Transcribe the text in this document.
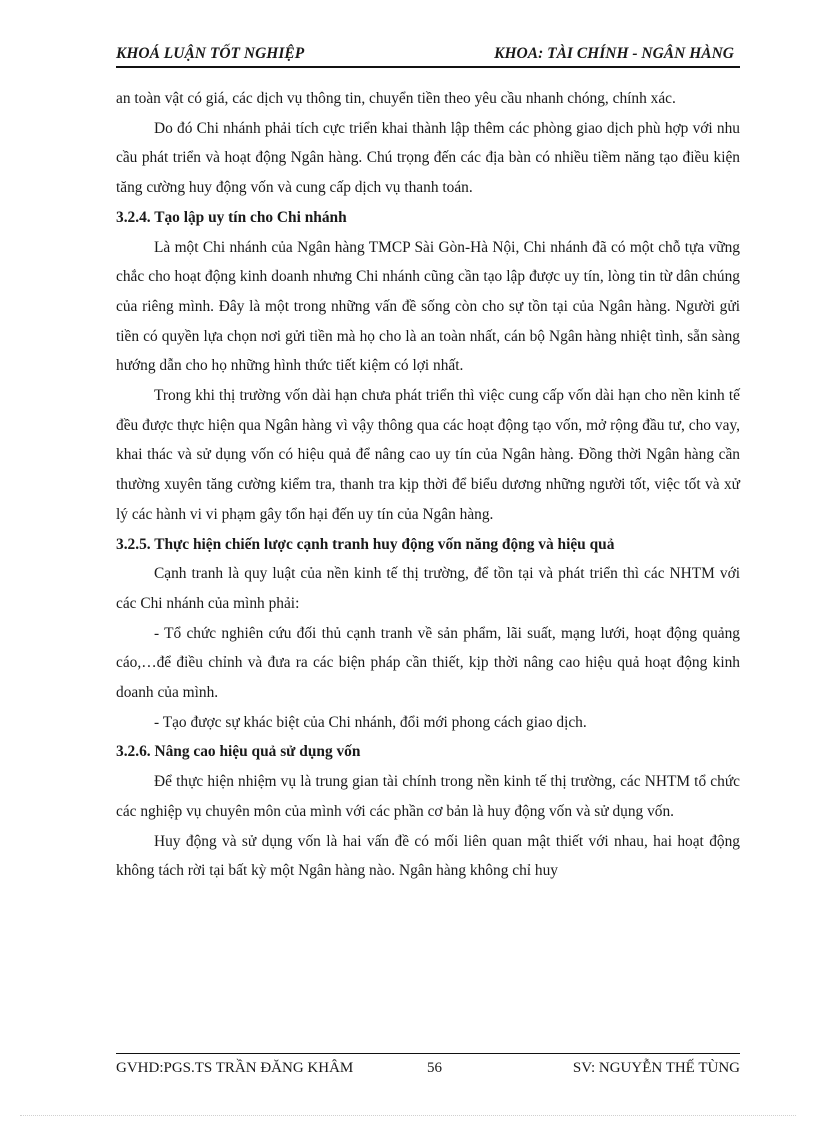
KHOÁ LUẬN TỐT NGHIỆP	KHOA: TÀI CHÍNH - NGÂN HÀNG

an toàn vật có giá, các dịch vụ thông tin, chuyển tiền theo yêu cầu nhanh chóng, chính xác.

Do đó Chi nhánh phải tích cực triển khai thành lập thêm các phòng giao dịch phù hợp với nhu cầu phát triển và hoạt động Ngân hàng. Chú trọng đến các địa bàn có nhiều tiềm năng tạo điều kiện tăng cường huy động vốn và cung cấp dịch vụ thanh toán.

3.2.4. Tạo lập uy tín cho Chi nhánh

Là một Chi nhánh của Ngân hàng TMCP Sài Gòn-Hà Nội, Chi nhánh đã có một chỗ tựa vững chắc cho hoạt động kinh doanh nhưng Chi nhánh cũng cần tạo lập được uy tín, lòng tin từ dân chúng của riêng mình. Đây là một trong những vấn đề sống còn cho sự tồn tại của Ngân hàng. Người gửi tiền có quyền lựa chọn nơi gửi tiền mà họ cho là an toàn nhất, cán bộ Ngân hàng nhiệt tình, sẵn sàng hướng dẫn cho họ những hình thức tiết kiệm có lợi nhất.

Trong khi thị trường vốn dài hạn chưa phát triển thì việc cung cấp vốn dài hạn cho nền kinh tế đều được thực hiện qua Ngân hàng vì vậy thông qua các hoạt động tạo vốn, mở rộng đầu tư, cho vay, khai thác và sử dụng vốn có hiệu quả để nâng cao uy tín của Ngân hàng. Đồng thời Ngân hàng cần thường xuyên tăng cường kiểm tra, thanh tra kịp thời để biểu dương những người tốt, việc tốt và xử lý các hành vi vi phạm gây tổn hại đến uy tín của Ngân hàng.

3.2.5. Thực hiện chiến lược cạnh tranh huy động vốn năng động và hiệu quả

Cạnh tranh là quy luật của nền kinh tế thị trường, để tồn tại và phát triển thì các NHTM với các Chi nhánh của mình phải:

- Tổ chức nghiên cứu đối thủ cạnh tranh về sản phẩm, lãi suất, mạng lưới, hoạt động quảng cáo,…để điều chỉnh và đưa ra các biện pháp cần thiết, kịp thời nâng cao hiệu quả hoạt động kinh doanh của mình.

- Tạo được sự khác biệt của Chi nhánh, đổi mới phong cách giao dịch.

3.2.6. Nâng cao hiệu quả sử dụng vốn

Để thực hiện nhiệm vụ là trung gian tài chính trong nền kinh tế thị trường, các NHTM tổ chức các nghiệp vụ chuyên môn của mình với các phần cơ bản là huy động vốn và sử dụng vốn.

Huy động và sử dụng vốn là hai vấn đề có mối liên quan mật thiết với nhau, hai hoạt động không tách rời tại bất kỳ một Ngân hàng nào. Ngân hàng không chỉ huy

GVHD:PGS.TS TRẦN ĐĂNG KHÂM	56	SV: NGUYỄN THẾ TÙNG
